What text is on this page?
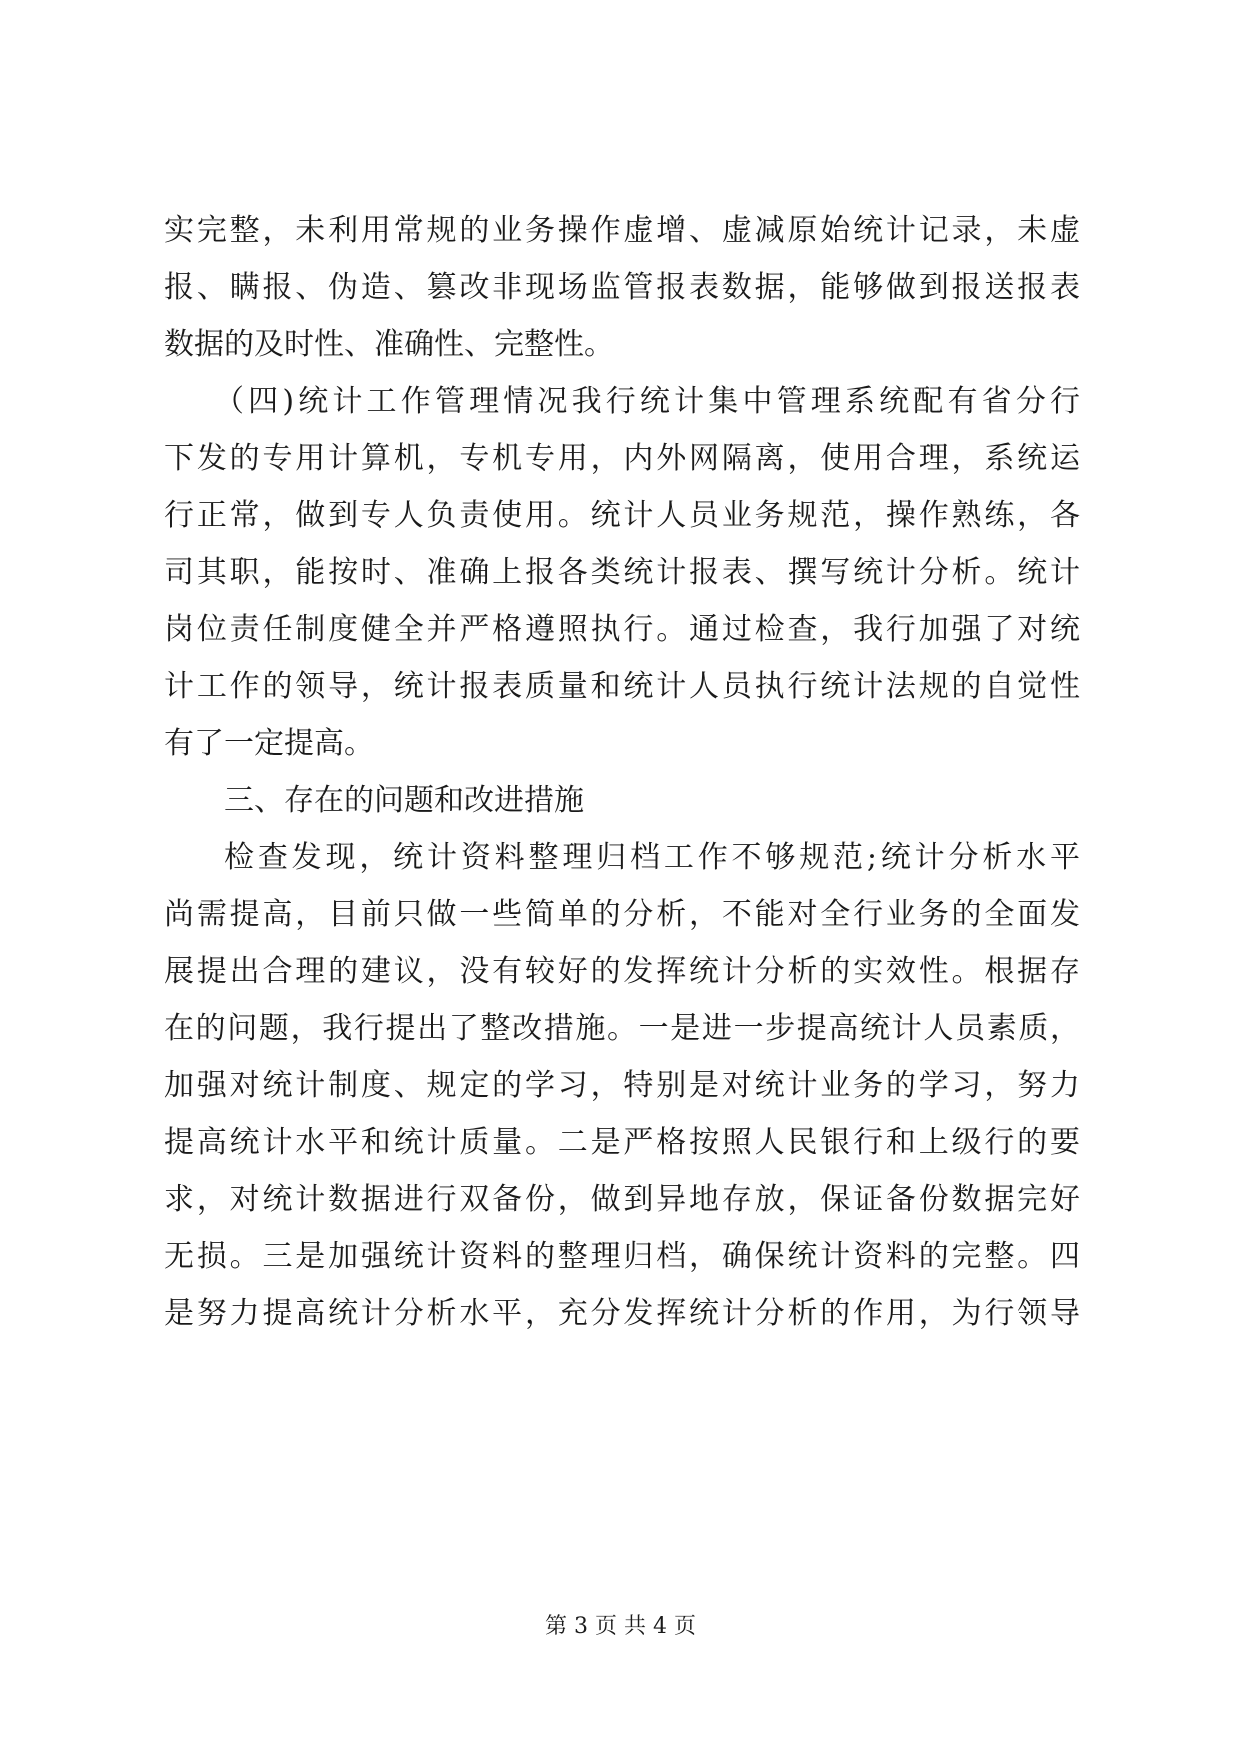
实完整，未利用常规的业务操作虚增、虚减原始统计记录，未虚
报、瞒报、伪造、篡改非现场监管报表数据，能够做到报送报表
数据的及时性、准确性、完整性。
（四)统计工作管理情况我行统计集中管理系统配有省分行
下发的专用计算机，专机专用，内外网隔离，使用合理，系统运
行正常，做到专人负责使用。统计人员业务规范，操作熟练，各
司其职，能按时、准确上报各类统计报表、撰写统计分析。统计
岗位责任制度健全并严格遵照执行。通过检查，我行加强了对统
计工作的领导，统计报表质量和统计人员执行统计法规的自觉性
有了一定提高。
三、存在的问题和改进措施
检查发现，统计资料整理归档工作不够规范;统计分析水平
尚需提高，目前只做一些简单的分析，不能对全行业务的全面发
展提出合理的建议，没有较好的发挥统计分析的实效性。根据存
在的问题，我行提出了整改措施。一是进一步提高统计人员素质，
加强对统计制度、规定的学习，特别是对统计业务的学习，努力
提高统计水平和统计质量。二是严格按照人民银行和上级行的要
求，对统计数据进行双备份，做到异地存放，保证备份数据完好
无损。三是加强统计资料的整理归档，确保统计资料的完整。四
是努力提高统计分析水平，充分发挥统计分析的作用，为行领导
第 3 页 共 4 页
